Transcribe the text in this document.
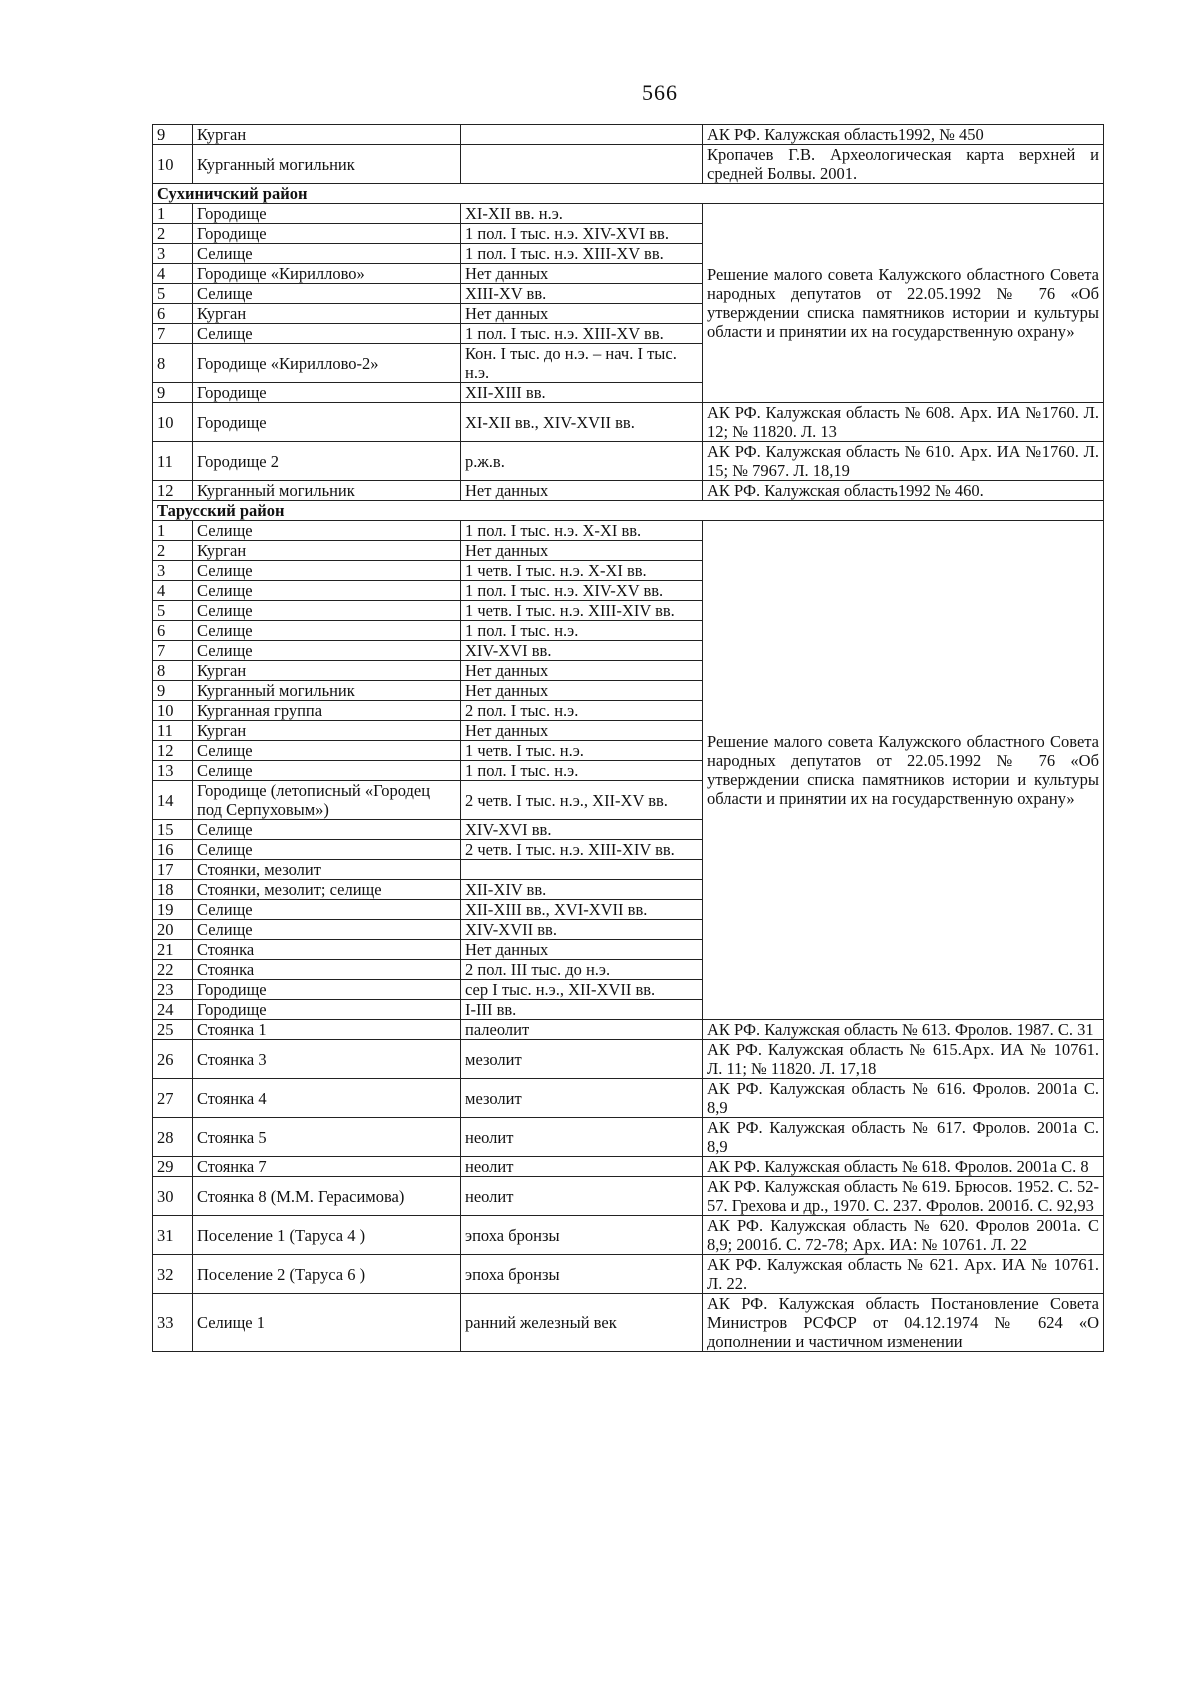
566
9	Курган		АК РФ. Калужская область1992, № 450
10	Курганный могильник		Кропачев Г.В. Археологическая карта верхней и средней Болвы. 2001.
Сухиничский район			
1	Городище	XI-XII вв. н.э.	Решение малого совета Калужского областного Совета народных депутатов от 22.05.1992 № 76 «Об утверждении списка памятников истории и культуры области и принятии их на государственную охрану»
2	Городище	1 пол. I тыс. н.э. XIV-XVI вв.	
3	Селище	1 пол. I тыс. н.э. XIII-XV вв.	
4	Городище «Кириллово»	Нет данных	
5	Селище	XIII-XV вв.	
6	Курган	Нет данных	
7	Селище	1 пол. I тыс. н.э. XIII-XV вв.	
8	Городище «Кириллово-2»	Кон. I тыс. до н.э. – нач. I тыс. н.э.	
9	Городище	XII-XIII вв.	
10	Городище	XI-XII вв., XIV-XVII вв.	АК РФ. Калужская область № 608. Арх. ИА №1760. Л. 12; № 11820. Л. 13
11	Городище 2	р.ж.в.	АК РФ. Калужская область № 610. Арх. ИА №1760. Л. 15; № 7967. Л. 18,19
12	Курганный могильник	Нет данных	АК РФ. Калужская область1992 № 460.
Тарусский район			
1	Селище	1 пол. I тыс. н.э. X-XI вв.	Решение малого совета Калужского областного Совета народных депутатов от 22.05.1992 № 76 «Об утверждении списка памятников истории и культуры области и принятии их на государственную охрану»
2	Курган	Нет данных	
3	Селище	1 четв. I тыс. н.э. X-XI вв.	
4	Селище	1 пол. I тыс. н.э. XIV-XV вв.	
5	Селище	1 четв. I тыс. н.э. XIII-XIV вв.	
6	Селище	1 пол. I тыс. н.э.	
7	Селище	XIV-XVI вв.	
8	Курган	Нет данных	
9	Курганный могильник	Нет данных	
10	Курганная группа	2 пол. I тыс. н.э.	
11	Курган	Нет данных	
12	Селище	1 четв. I тыс. н.э.	
13	Селище	1 пол. I тыс. н.э.	
14	Городище (летописный «Городец под Серпуховым»)	2 четв. I тыс. н.э., XII-XV вв.	
15	Селище	XIV-XVI вв.	
16	Селище	2 четв. I тыс. н.э. XIII-XIV вв.	
17	Стоянки, мезолит		
18	Стоянки, мезолит; селище	XII-XIV вв.	
19	Селище	XII-XIII вв., XVI-XVII вв.	
20	Селище	XIV-XVII вв.	
21	Стоянка	Нет данных	
22	Стоянка	2 пол. III тыс. до н.э.	
23	Городище	сер I тыс. н.э., XII-XVII вв.	
24	Городище	I-III вв.	
25	Стоянка 1	палеолит	АК РФ. Калужская область № 613. Фролов. 1987. С. 31
26	Стоянка 3	мезолит	АК РФ. Калужская область № 615.Арх. ИА № 10761. Л. 11; № 11820. Л. 17,18
27	Стоянка 4	мезолит	АК РФ. Калужская область № 616. Фролов. 2001а С. 8,9
28	Стоянка 5	неолит	АК РФ. Калужская область № 617. Фролов. 2001а С. 8,9
29	Стоянка 7	неолит	АК РФ. Калужская область № 618. Фролов. 2001а С. 8
30	Стоянка 8 (М.М. Герасимова)	неолит	АК РФ. Калужская область № 619. Брюсов. 1952. С. 52-57. Грехова и др., 1970. С. 237. Фролов. 2001б. С. 92,93
31	Поселение 1 (Таруса 4 )	эпоха бронзы	АК РФ. Калужская область № 620. Фролов 2001а. С 8,9; 2001б. С. 72-78; Арх. ИА: № 10761. Л. 22
32	Поселение 2 (Таруса 6 )	эпоха бронзы	АК РФ. Калужская область № 621. Арх. ИА № 10761. Л. 22.
33	Селище 1	ранний железный век	АК РФ. Калужская область Постановление Совета Министров РСФСР от 04.12.1974 № 624 «О дополнении и частичном изменении
